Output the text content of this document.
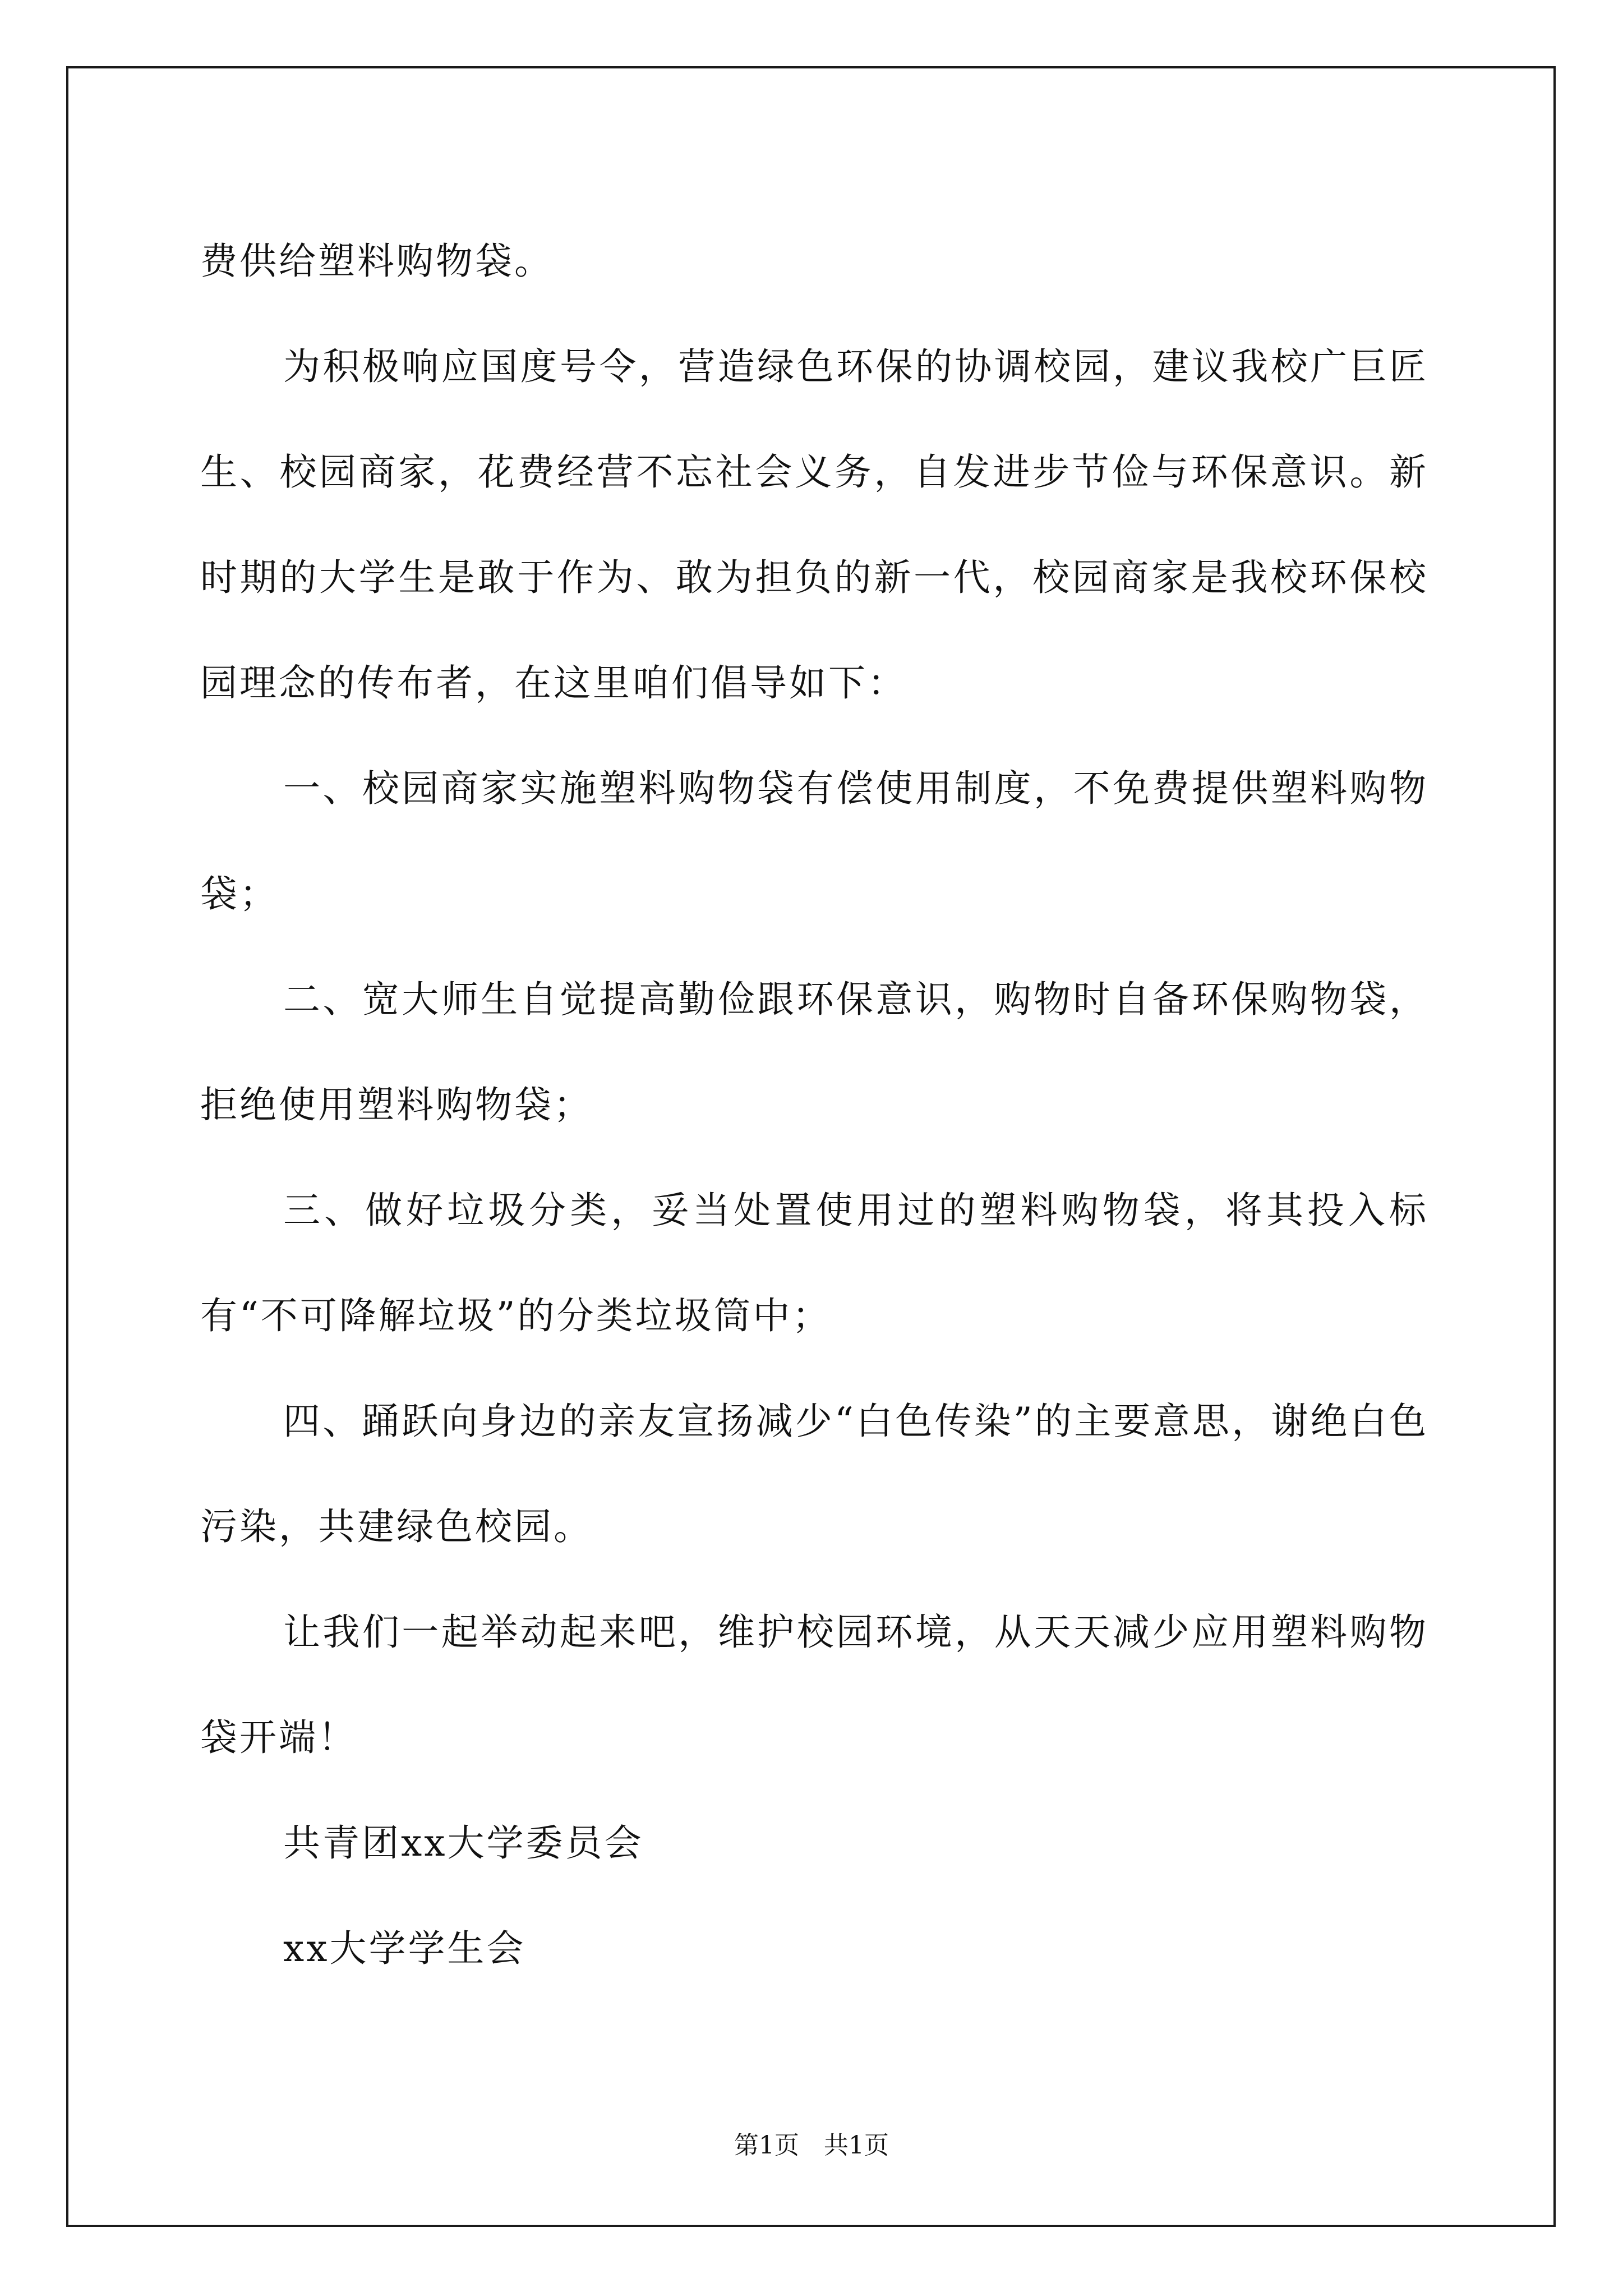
费供给塑料购物袋。

为积极响应国度号令，营造绿色环保的协调校园，建议我校广巨匠生、校园商家，花费经营不忘社会义务，自发进步节俭与环保意识。新时期的大学生是敢于作为、敢为担负的新一代，校园商家是我校环保校园理念的传布者，在这里咱们倡导如下：

一、校园商家实施塑料购物袋有偿使用制度，不免费提供塑料购物袋；

二、宽大师生自觉提高勤俭跟环保意识，购物时自备环保购物袋，拒绝使用塑料购物袋；

三、做好垃圾分类，妥当处置使用过的塑料购物袋，将其投入标有“不可降解垃圾”的分类垃圾筒中；

四、踊跃向身边的亲友宣扬减少“白色传染”的主要意思，谢绝白色污染，共建绿色校园。

让我们一起举动起来吧，维护校园环境，从天天减少应用塑料购物袋开端！

共青团xx大学委员会

xx大学学生会

第1页　共1页
